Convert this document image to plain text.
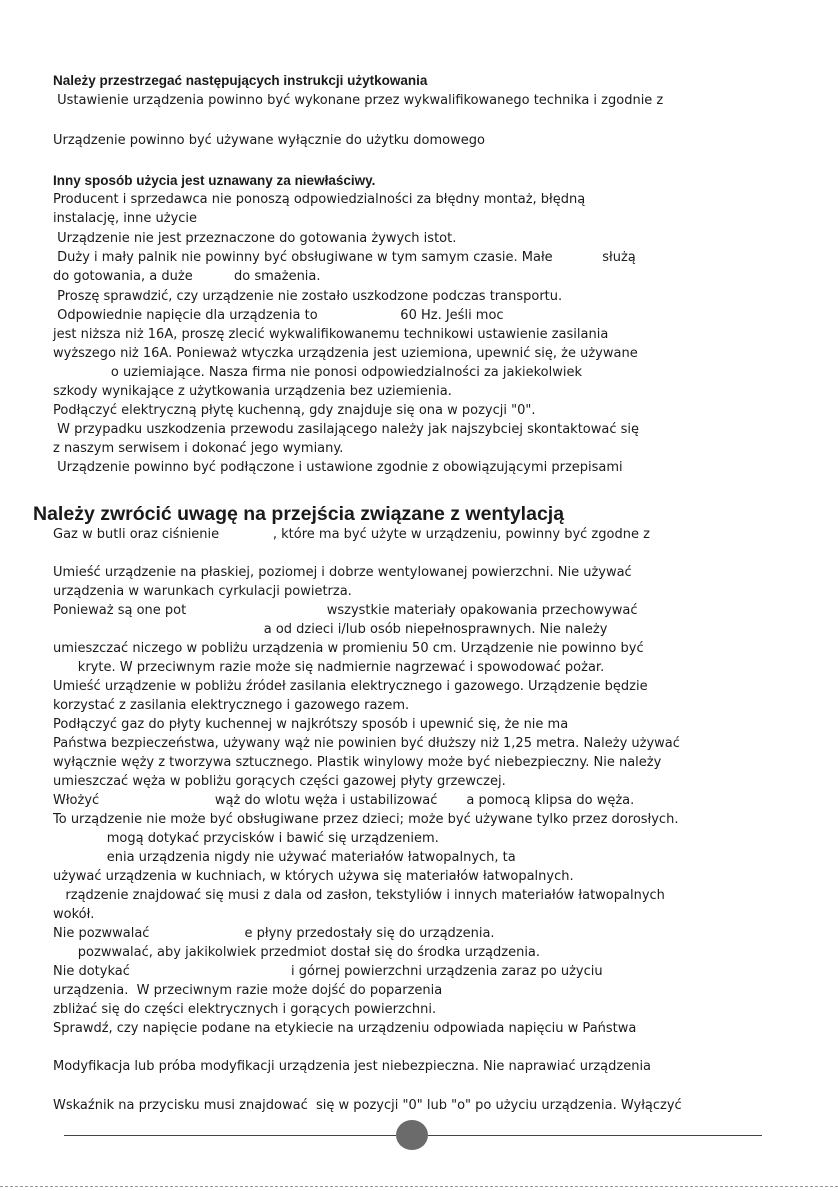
Należy przestrzegać następujących instrukcji użytkowania
Ustawienie urządzenia powinno być wykonane przez wykwalifikowanego technika i zgodnie z
Urządzenie powinno być używane wyłącznie do użytku domowego
Inny sposób użycia jest uznawany za niewłaściwy.
Producent i sprzedawca nie ponoszą odpowiedzialności za błędny montaż, błędną
instalację, inne użycie
Urządzenie nie jest przeznaczone do gotowania żywych istot.
Duży i mały palnik nie powinny być obsługiwane w tym samym czasie. Małe            służą
do gotowania, a duże          do smażenia.
Proszę sprawdzić, czy urządzenie nie zostało uszkodzone podczas transportu.
Odpowiednie napięcie dla urządzenia to                    60 Hz. Jeśli moc
jest niższa niż 16A, proszę zlecić wykwalifikowanemu technikowi ustawienie zasilania
wyższego niż 16A. Ponieważ wtyczka urządzenia jest uziemiona, upewnić się, że używane
o uziemiające. Nasza firma nie ponosi odpowiedzialności za jakiekolwiek
szkody wynikające z użytkowania urządzenia bez uziemienia.
Podłączyć elektryczną płytę kuchenną, gdy znajduje się ona w pozycji "0".
W przypadku uszkodzenia przewodu zasilającego należy jak najszybciej skontaktować się
z naszym serwisem i dokonać jego wymiany.
Urządzenie powinno być podłączone i ustawione zgodnie z obowiązującymi przepisami
Należy zwrócić uwagę na przejścia związane z wentylacją
Gaz w butli oraz ciśnienie             , które ma być użyte w urządzeniu, powinny być zgodne z
Umieść urządzenie na płaskiej, poziomej i dobrze wentylowanej powierzchni. Nie używać
urządzenia w warunkach cyrkulacji powietrza.
Ponieważ są one pot                                  wszystkie materiały opakowania przechowywać
a od dzieci i/lub osób niepełnosprawnych. Nie należy
umieszczać niczego w pobliżu urządzenia w promieniu 50 cm. Urządzenie nie powinno być
kryte. W przeciwnym razie może się nadmiernie nagrzewać i spowodować pożar.
Umieść urządzenie w pobliżu źródeł zasilania elektrycznego i gazowego. Urządzenie będzie
korzystać z zasilania elektrycznego i gazowego razem.
Podłączyć gaz do płyty kuchennej w najkrótszy sposób i upewnić się, że nie ma
Państwa bezpieczeństwa, używany wąż nie powinien być dłuższy niż 1,25 metra. Należy używać
wyłącznie węży z tworzywa sztucznego. Plastik winylowy może być niebezpieczny. Nie należy
umieszczać węża w pobliżu gorących części gazowej płyty grzewczej.
Włożyć                            wąż do wlotu węża i ustabilizować       a pomocą klipsa do węża.
To urządzenie nie może być obsługiwane przez dzieci; może być używane tylko przez dorosłych.
mogą dotykać przycisków i bawić się urządzeniem.
enia urządzenia nigdy nie używać materiałów łatwopalnych, ta
używać urządzenia w kuchniach, w których używa się materiałów łatwopalnych.
rządzenie znajdować się musi z dala od zasłon, tekstyliów i innych materiałów łatwopalnych
wokół.
Nie pozwwalać                       e płyny przedostały się do urządzenia.
pozwwalać, aby jakikolwiek przedmiot dostał się do środka urządzenia.
Nie dotykać                                       i górnej powierzchni urządzenia zaraz po użyciu
urządzenia.  W przeciwnym razie może dojść do poparzenia
zbliżać się do części elektrycznych i gorących powierzchni.
Sprawdź, czy napięcie podane na etykiecie na urządzeniu odpowiada napięciu w Państwa
Modyfikacja lub próba modyfikacji urządzenia jest niebezpieczna. Nie naprawiać urządzenia
Wskaźnik na przycisku musi znajdować  się w pozycji "0" lub "o" po użyciu urządzenia. Wyłączyć
